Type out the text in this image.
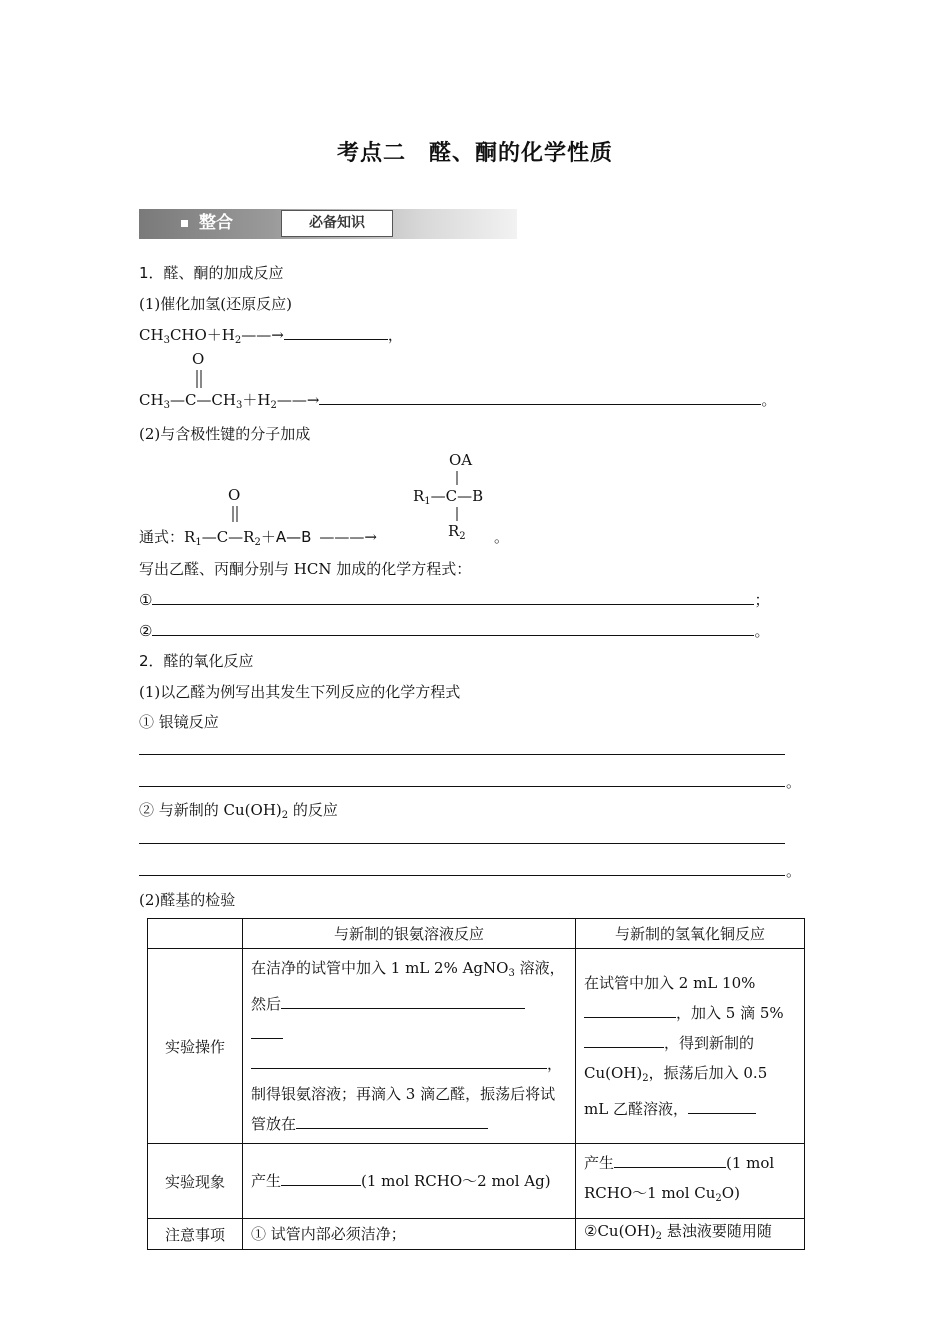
考点二　醛、酮的化学性质
整合	必备知识
1．醛、酮的加成反应
(1)催化加氢(还原反应)
$CH_3CHO+H_2——\to$	，
O
$CH_3—C—CH_3+H_2——\to$	。
(2)与含极性键的分子加成
O
通式：$R_1—C—R_2+A—B$ ———→
OA
$R_1—C—B$
$R_2$ 。
写出乙醛、丙酮分别与 HCN 加成的化学方程式：
①	；
②	。
2．醛的氧化反应
(1)以乙醛为例写出其发生下列反应的化学方程式
① 银镜反应
。
② 与新制的 $Cu(OH)_2$ 的反应
。
(2)醛基的检验
	与新制的银氨溶液反应	与新制的氢氧化铜反应
实验操作	在洁净的试管中加入 1 mL 2% AgNO$_3$ 溶液，然后

，
制得银氨溶液；再滴入 3 滴乙醛，振荡后将试管放在	在试管中加入 2 mL 10%，加入 5 滴 5%，得到新制的 $Cu(OH)_2$，振荡后加入 0.5 mL 乙醛溶液，

实验现象	产生 (1 mol RCHO～2 mol Ag)	产生 (1 mol RCHO～1 mol $Cu_2O$)

注意事项	① 试管内部必须洁净；	$②Cu(OH)_2$ 悬浊液要随用随
